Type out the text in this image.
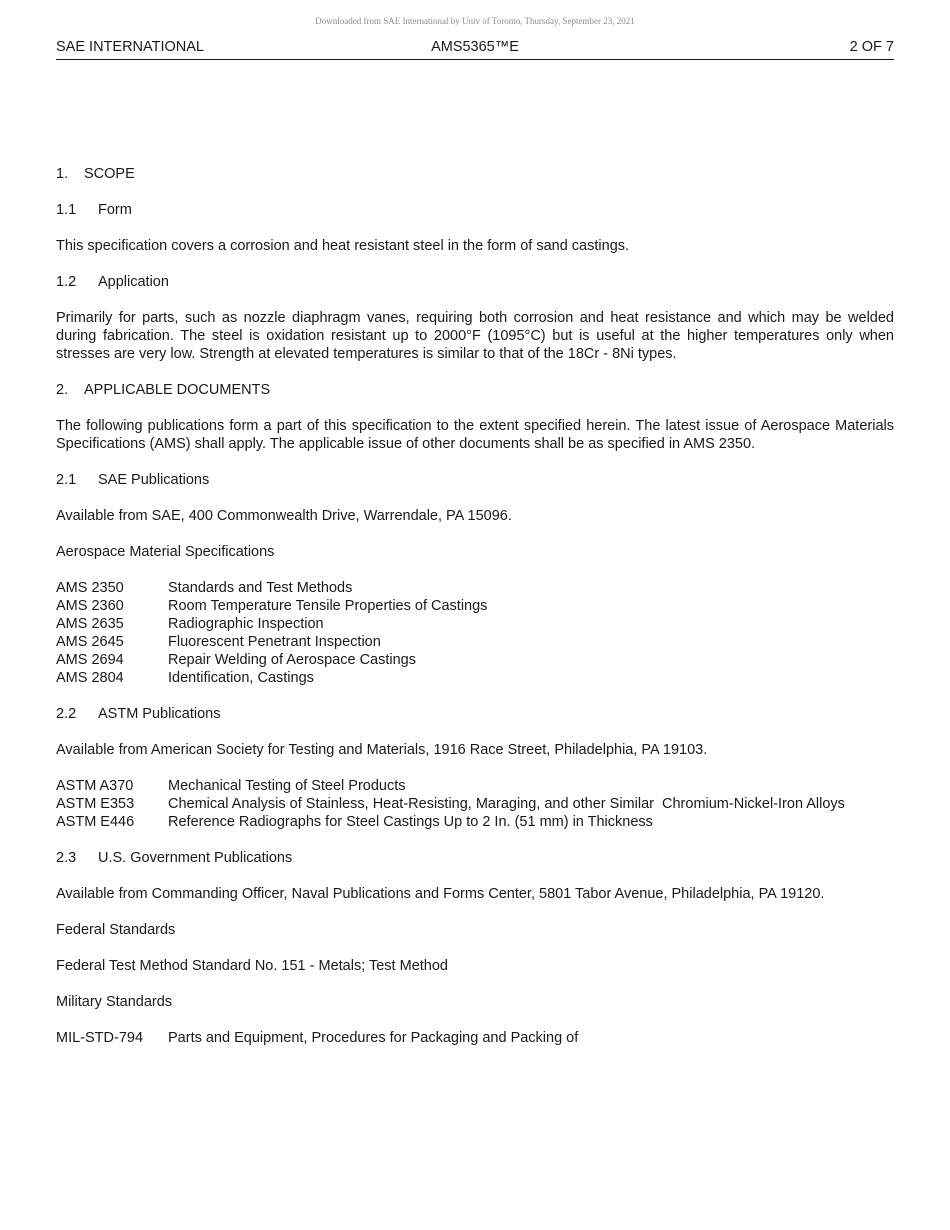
Downloaded from SAE International by Univ of Toronto, Thursday, September 23, 2021
SAE INTERNATIONAL	AMS5365™E	2 OF 7
1. SCOPE
1.1 Form
This specification covers a corrosion and heat resistant steel in the form of sand castings.
1.2 Application
Primarily for parts, such as nozzle diaphragm vanes, requiring both corrosion and heat resistance and which may be welded during fabrication. The steel is oxidation resistant up to 2000°F (1095°C) but is useful at the higher temperatures only when stresses are very low. Strength at elevated temperatures is similar to that of the 18Cr - 8Ni types.
2. APPLICABLE DOCUMENTS
The following publications form a part of this specification to the extent specified herein. The latest issue of Aerospace Materials Specifications (AMS) shall apply. The applicable issue of other documents shall be as specified in AMS 2350.
2.1 SAE Publications
Available from SAE, 400 Commonwealth Drive, Warrendale, PA 15096.
Aerospace Material Specifications
AMS 2350	Standards and Test Methods
AMS 2360	Room Temperature Tensile Properties of Castings
AMS 2635	Radiographic Inspection
AMS 2645	Fluorescent Penetrant Inspection
AMS 2694	Repair Welding of Aerospace Castings
AMS 2804	Identification, Castings
2.2 ASTM Publications
Available from American Society for Testing and Materials, 1916 Race Street, Philadelphia, PA 19103.
ASTM A370	Mechanical Testing of Steel Products
ASTM E353	Chemical Analysis of Stainless, Heat-Resisting, Maraging, and other Similar  Chromium-Nickel-Iron Alloys
ASTM E446	Reference Radiographs for Steel Castings Up to 2 In. (51 mm) in Thickness
2.3 U.S. Government Publications
Available from Commanding Officer, Naval Publications and Forms Center, 5801 Tabor Avenue, Philadelphia, PA 19120.
Federal Standards
Federal Test Method Standard No. 151 - Metals; Test Method
Military Standards
MIL-STD-794	Parts and Equipment, Procedures for Packaging and Packing of
